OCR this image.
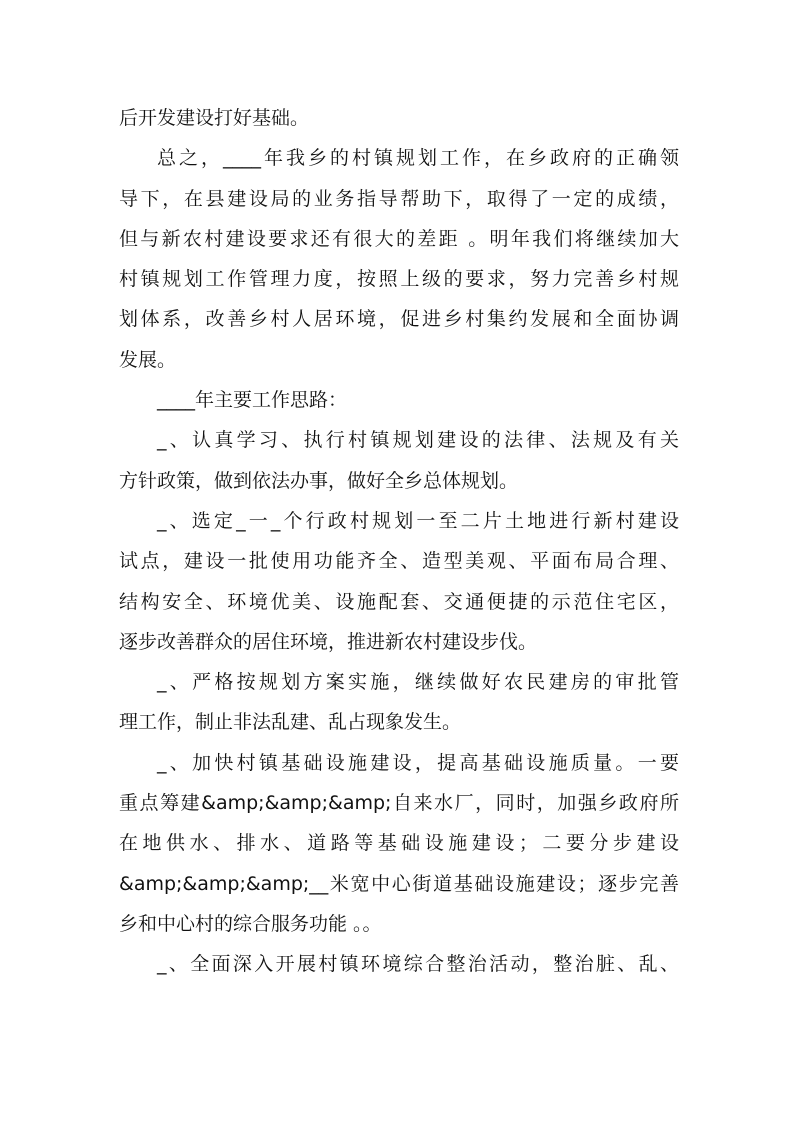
后开发建设打好基础。
总之，____年我乡的村镇规划工作，在乡政府的正确领
导下，在县建设局的业务指导帮助下，取得了一定的成绩，
但与新农村建设要求还有很大的差距 。明年我们将继续加大
村镇规划工作管理力度，按照上级的要求，努力完善乡村规
划体系，改善乡村人居环境，促进乡村集约发展和全面协调
发展。
____年主要工作思路：
_、认真学习、执行村镇规划建设的法律、法规及有关
方针政策，做到依法办事，做好全乡总体规划。
_、选定_一_个行政村规划一至二片土地进行新村建设
试点，建设一批使用功能齐全、造型美观、平面布局合理、
结构安全、环境优美、设施配套、交通便捷的示范住宅区，
逐步改善群众的居住环境，推进新农村建设步伐。
_、严格按规划方案实施，继续做好农民建房的审批管
理工作，制止非法乱建、乱占现象发生。
_、加快村镇基础设施建设，提高基础设施质量。一要
重点筹建&amp;&amp;&amp;自来水厂，同时，加强乡政府所
在地供水、排水、道路等基础设施建设；二要分步建设
&amp;&amp;&amp;__米宽中心街道基础设施建设；逐步完善
乡和中心村的综合服务功能 。。
_、全面深入开展村镇环境综合整治活动，整治脏、乱、
